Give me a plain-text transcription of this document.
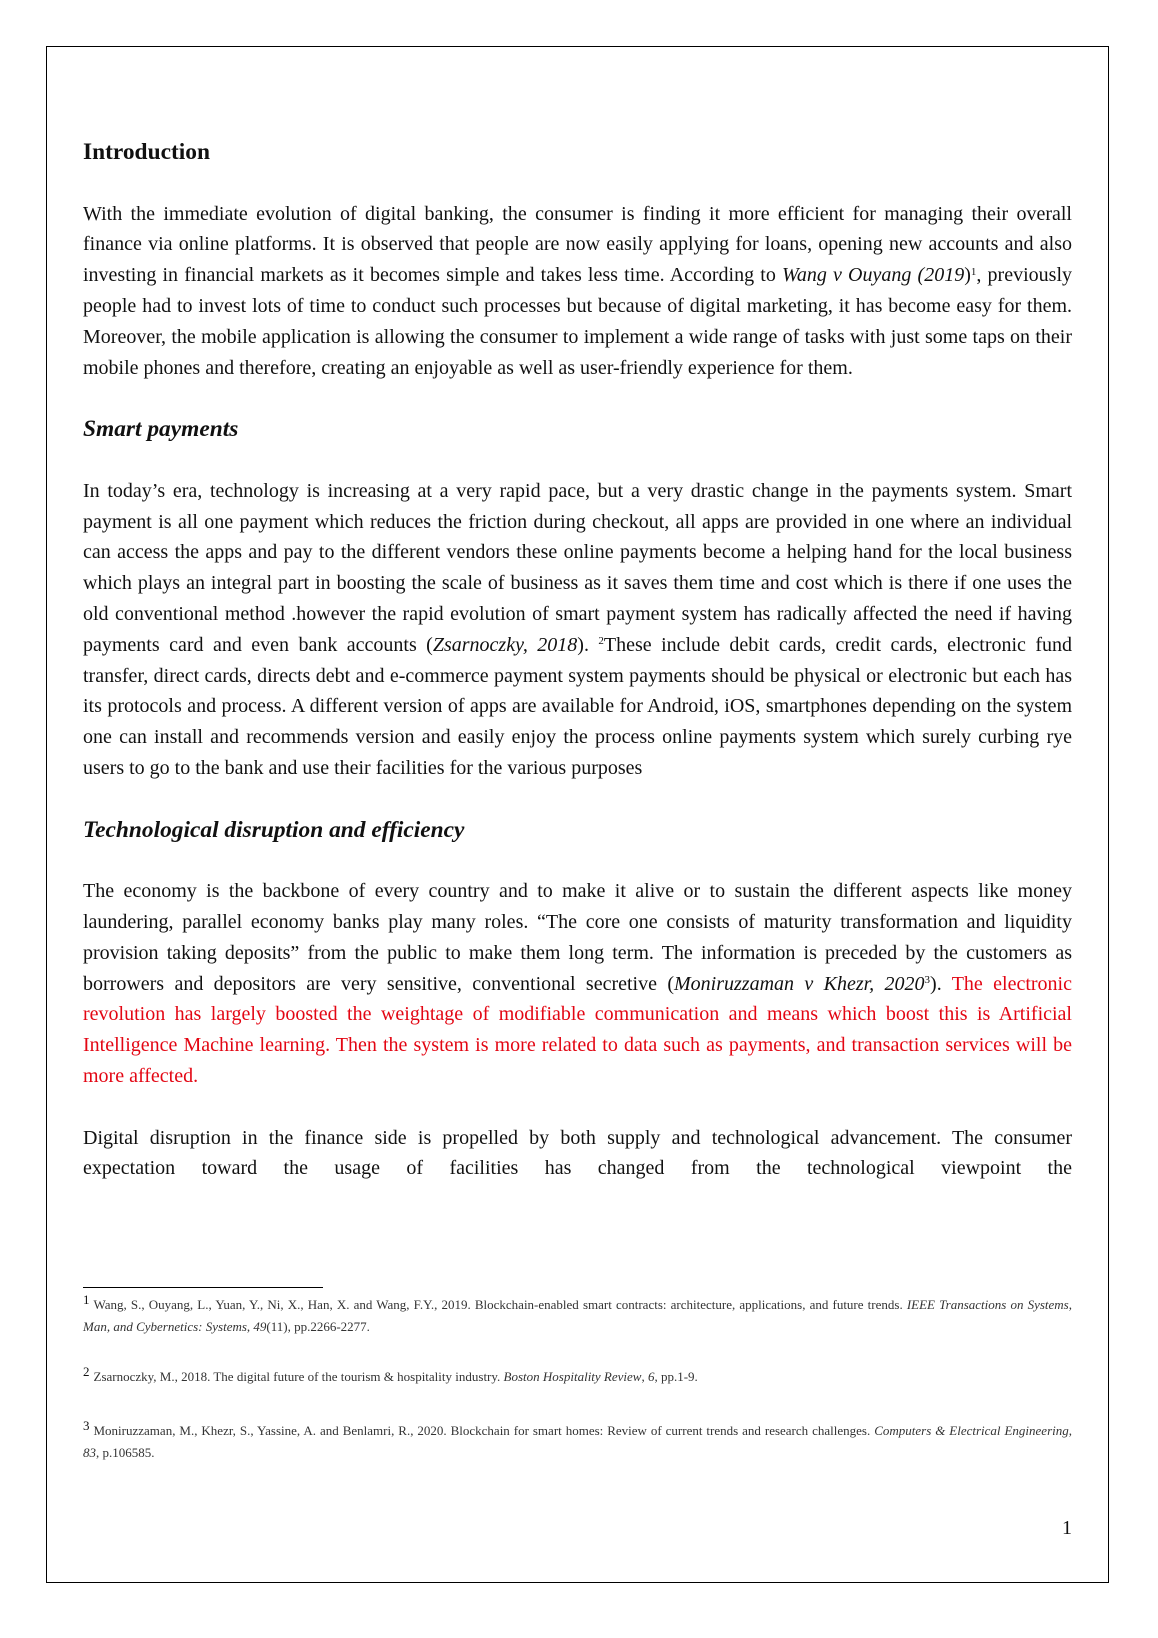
Introduction

With the immediate evolution of digital banking, the consumer is finding it more efficient for managing their overall finance via online platforms. It is observed that people are now easily applying for loans, opening new accounts and also investing in financial markets as it becomes simple and takes less time. According to Wang v Ouyang $(2019)^1$, previously people had to invest lots of time to conduct such processes but because of digital marketing, it has become easy for them. Moreover, the mobile application is allowing the consumer to implement a wide range of tasks with just some taps on their mobile phones and therefore, creating an enjoyable as well as user-friendly experience for them.

Smart payments

In today’s era, technology is increasing at a very rapid pace, but a very drastic change in the payments system. Smart payment is all one payment which reduces the friction during checkout, all apps are provided in one where an individual can access the apps and pay to the different vendors these online payments become a helping hand for the local business which plays an integral part in boosting the scale of business as it saves them time and cost which is there if one uses the old conventional method .however the rapid evolution of smart payment system has radically affected the need if having payments card and even bank accounts (Zsarnoczky, 2018). $^2$These include debit cards, credit cards, electronic fund transfer, direct cards, directs debt and e-commerce payment system payments should be physical or electronic but each has its protocols and process. A different version of apps are available for Android, iOS, smartphones depending on the system one can install and recommends version and easily enjoy the process online payments system which surely curbing rye users to go to the bank and use their facilities for the various purposes

Technological disruption and efficiency

The economy is the backbone of every country and to make it alive or to sustain the different aspects like money laundering, parallel economy banks play many roles. “The core one consists of maturity transformation and liquidity provision taking deposits” from the public to make them long term. The information is preceded by the customers as borrowers and depositors are very sensitive, conventional secretive (Moniruzzaman v Khezr, 2020$^3$). The electronic revolution has largely boosted the weightage of modifiable communication and means which boost this is Artificial Intelligence Machine learning. Then the system is more related to data such as payments, and transaction services will be more affected.

Digital disruption in the finance side is propelled by both supply and technological advancement. The consumer expectation toward the usage of facilities has changed from the technological viewpoint the

1 Wang, S., Ouyang, L., Yuan, Y., Ni, X., Han, X. and Wang, F.Y., 2019. Blockchain-enabled smart contracts: architecture, applications, and future trends. IEEE Transactions on Systems, Man, and Cybernetics: Systems, 49(11), pp.2266-2277.

2 Zsarnoczky, M., 2018. The digital future of the tourism & hospitality industry. Boston Hospitality Review, 6, pp.1-9.

3 Moniruzzaman, M., Khezr, S., Yassine, A. and Benlamri, R., 2020. Blockchain for smart homes: Review of current trends and research challenges. Computers & Electrical Engineering, 83, p.106585.

1
